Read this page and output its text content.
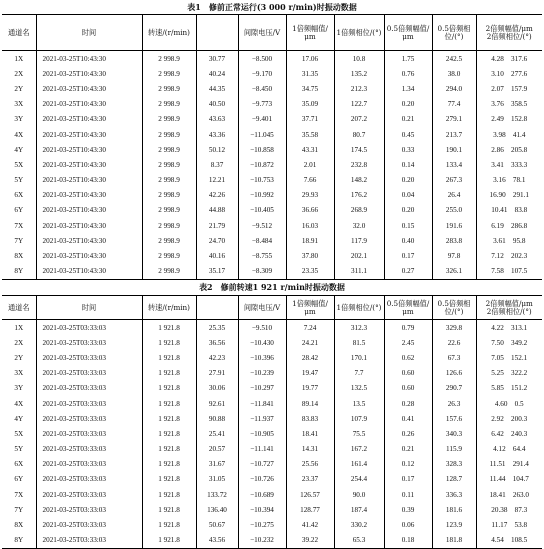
表1　修前正常运行(3 000 r/min)时振动数据
通道名	时间	转速/(r/min)		间隙电压/V	1倍频幅值/μm	1倍频相位/(°)	0.5倍频幅值/μm	0.5倍频相位/(°)	2倍频幅值/μm
2倍频相位/(°)
1X	2021-03-25T10:43:30	2 998.9	30.77	−8.500	17.06	10.8	1.75	242.5	4.28  317.6
2X	2021-03-25T10:43:30	2 998.9	40.24	−9.170	31.35	135.2	0.76	38.0	3.10  277.6
2Y	2021-03-25T10:43:30	2 998.9	44.35	−8.450	34.75	212.3	1.34	294.0	2.07  157.9
3X	2021-03-25T10:43:30	2 998.9	40.50	−9.773	35.09	122.7	0.20	77.4	3.76  358.5
3Y	2021-03-25T10:43:30	2 998.9	43.63	−9.401	37.71	207.2	0.21	279.1	2.49  152.8
4X	2021-03-25T10:43:30	2 998.9	43.36	−11.045	35.58	80.7	0.45	213.7	3.98  41.4
4Y	2021-03-25T10:43:30	2 998.9	50.12	−10.858	43.31	174.5	0.33	190.1	2.86  205.8
5X	2021-03-25T10:43:30	2 998.9	8.37	−10.872	2.01	232.8	0.14	133.4	3.41  333.3
5Y	2021-03-25T10:43:30	2 998.9	12.21	−10.753	7.66	148.2	0.20	267.3	3.16  78.1
6X	2021-03-25T10:43:30	2 998.9	42.26	−10.992	29.93	176.2	0.04	26.4	16.90  291.1
6Y	2021-03-25T10:43:30	2 998.9	44.88	−10.405	36.66	268.9	0.20	255.0	10.41  83.8
7X	2021-03-25T10:43:30	2 998.9	21.79	−9.512	16.03	32.0	0.15	191.6	6.19  286.8
7Y	2021-03-25T10:43:30	2 998.9	24.70	−8.484	18.91	117.9	0.40	283.8	3.61  95.8
8X	2021-03-25T10:43:30	2 998.9	40.16	−8.755	37.80	202.1	0.17	97.8	7.12  202.3
8Y	2021-03-25T10:43:30	2 998.9	35.17	−8.309	23.35	311.1	0.27	326.1	7.58  107.5
表2　修前转速1 921 r/min时振动数据
通道名	时间	转速/(r/min)		间隙电压/V	1倍频幅值/μm	1倍频相位/(°)	0.5倍频幅值/μm	0.5倍频相位/(°)	2倍频幅值/μm
2倍频相位/(°)
1X	2021-03-25T03:33:03	1 921.8	25.35	−9.510	7.24	312.3	0.79	329.8	4.22  313.1
2X	2021-03-25T03:33:03	1 921.8	36.56	−10.430	24.21	81.5	2.45	22.6	7.50  349.2
2Y	2021-03-25T03:33:03	1 921.8	42.23	−10.396	28.42	170.1	0.62	67.3	7.05  152.1
3X	2021-03-25T03:33:03	1 921.8	27.91	−10.239	19.47	7.7	0.60	126.6	5.25  322.2
3Y	2021-03-25T03:33:03	1 921.8	30.06	−10.297	19.77	132.5	0.60	290.7	5.85  151.2
4X	2021-03-25T03:33:03	1 921.8	92.61	−11.841	89.14	13.5	0.28	26.3	4.60  0.5
4Y	2021-03-25T03:33:03	1 921.8	90.88	−11.937	83.83	107.9	0.41	157.6	2.92  200.3
5X	2021-03-25T03:33:03	1 921.8	25.41	−10.905	18.41	75.5	0.26	340.3	6.42  240.3
5Y	2021-03-25T03:33:03	1 921.8	20.57	−11.141	14.31	167.2	0.21	115.9	4.12  64.4
6X	2021-03-25T03:33:03	1 921.8	31.67	−10.727	25.56	161.4	0.12	328.3	11.51  291.4
6Y	2021-03-25T03:33:03	1 921.8	31.05	−10.726	23.37	254.4	0.17	128.7	11.44  104.7
7X	2021-03-25T03:33:03	1 921.8	133.72	−10.689	126.57	90.0	0.11	336.3	18.41  263.0
7Y	2021-03-25T03:33:03	1 921.8	136.40	−10.394	128.77	187.4	0.39	181.6	20.38  87.3
8X	2021-03-25T03:33:03	1 921.8	50.67	−10.275	41.42	330.2	0.06	123.9	11.17  53.8
8Y	2021-03-25T03:33:03	1 921.8	43.56	−10.232	39.22	65.3	0.18	181.8	4.54  108.5
